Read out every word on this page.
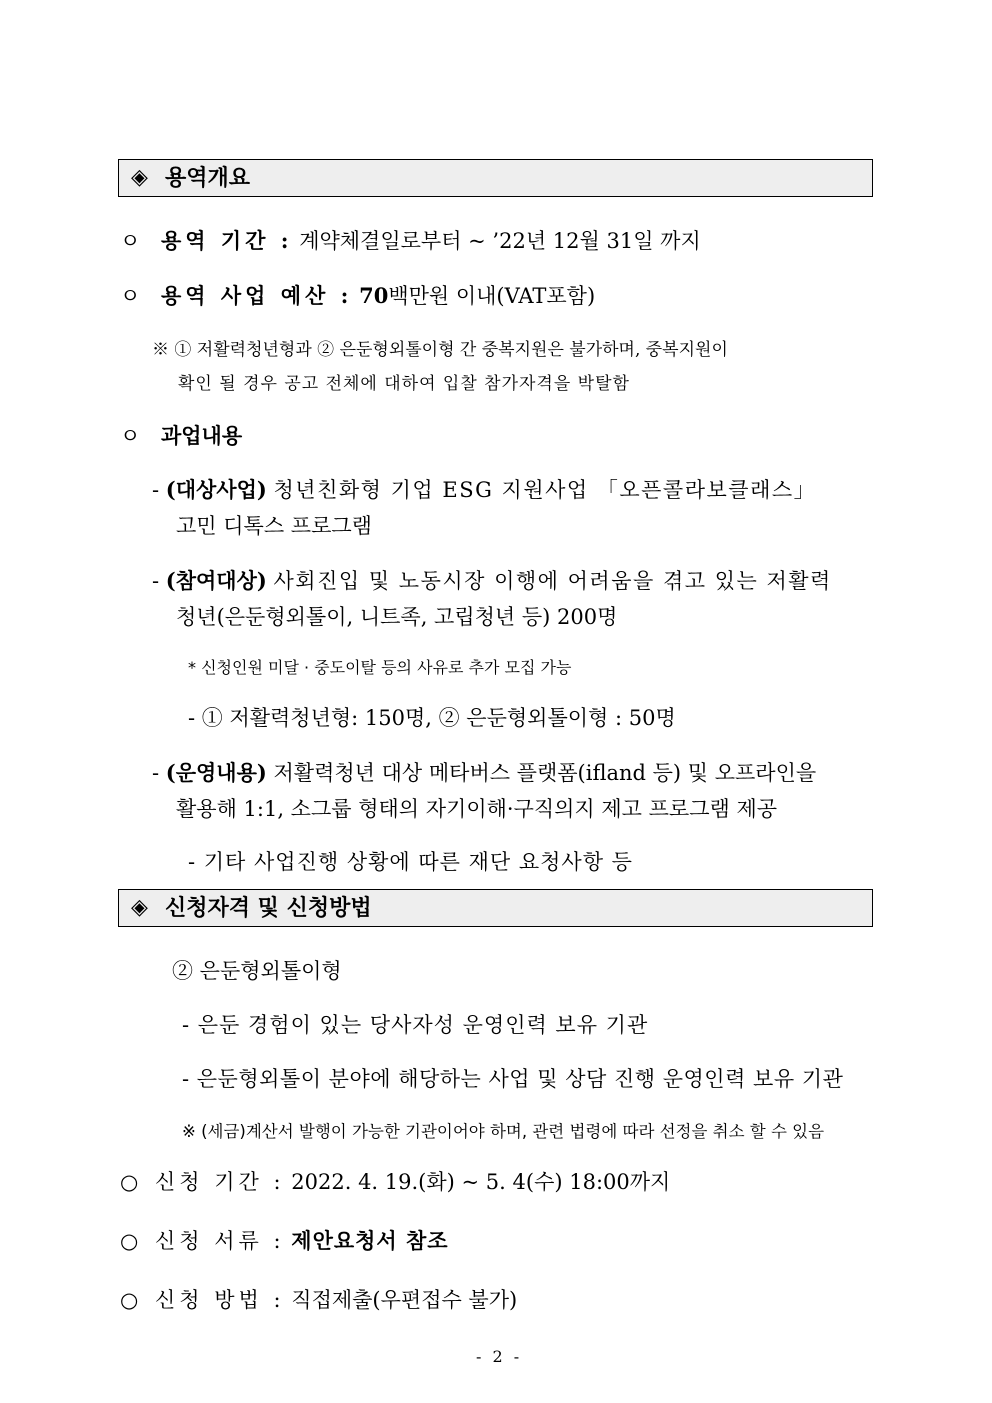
◈ 용역개요
ㅇ 용역 기간 : 계약체결일로부터 ~ ’22년 12월 31일 까지
ㅇ 용역 사업 예산 : 70백만원 이내(VAT포함)
※ ① 저활력청년형과 ② 은둔형외톨이형 간 중복지원은 불가하며, 중복지원이
확인 될 경우 공고 전체에 대하여 입찰 참가자격을 박탈함
ㅇ 과업내용
- (대상사업) 청년친화형 기업 ESG 지원사업 「오픈콜라보클래스」
고민 디톡스 프로그램
- (참여대상) 사회진입 및 노동시장 이행에 어려움을 겪고 있는 저활력
청년(은둔형외톨이, 니트족, 고립청년 등) 200명
* 신청인원 미달 · 중도이탈 등의 사유로 추가 모집 가능
- ① 저활력청년형: 150명, ② 은둔형외톨이형 : 50명
- (운영내용) 저활력청년 대상 메타버스 플랫폼(ifland 등) 및 오프라인을
활용해 1:1, 소그룹 형태의 자기이해·구직의지 제고 프로그램 제공
- 기타 사업진행 상황에 따른 재단 요청사항 등
◈ 신청자격 및 신청방법
② 은둔형외톨이형
- 은둔 경험이 있는 당사자성 운영인력 보유 기관
- 은둔형외톨이 분야에 해당하는 사업 및 상담 진행 운영인력 보유 기관
※ (세금)계산서 발행이 가능한 기관이어야 하며, 관련 법령에 따라 선정을 취소 할 수 있음
○ 신청 기간 : 2022. 4. 19.(화) ~ 5. 4(수) 18:00까지
○ 신청 서류 : 제안요청서 참조
○ 신청 방법 : 직접제출(우편접수 불가)
- 2 -
